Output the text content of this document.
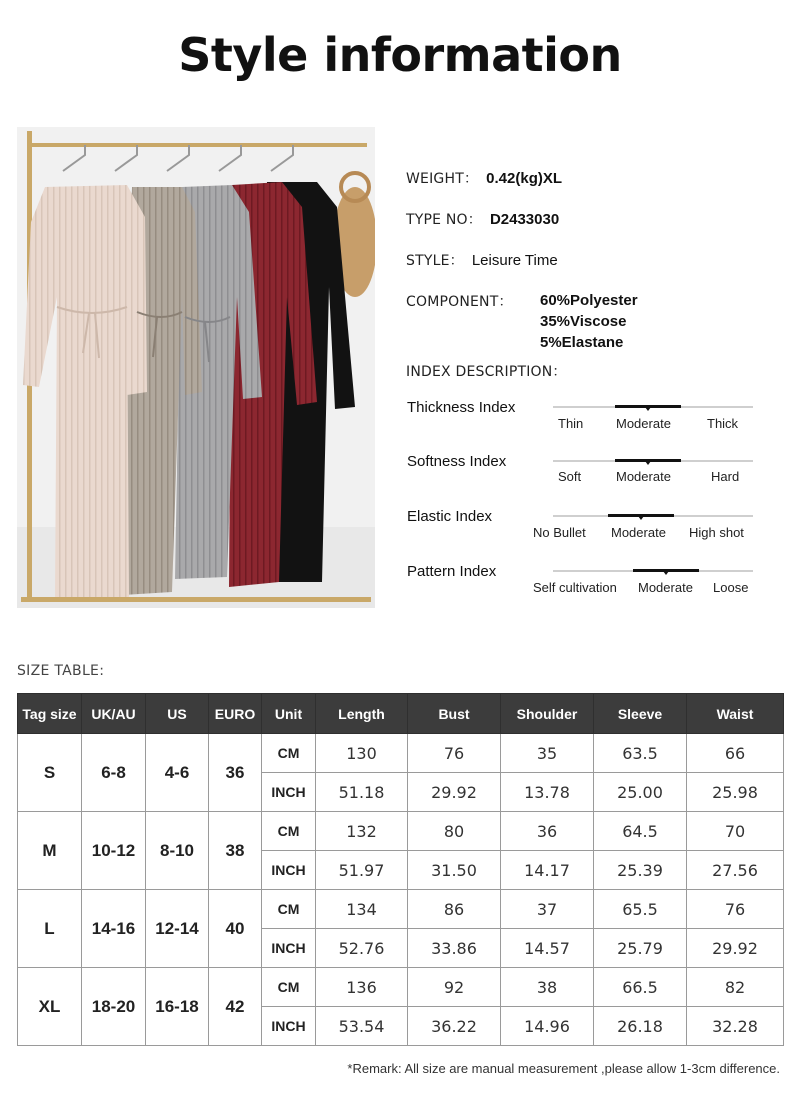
Style information
WEIGHT： 0.42(kg)XL
TYPE NO： D2433030
STYLE： Leisure Time
COMPONENT： 60%Polyester
35%Viscose
5%Elastane
INDEX DESCRIPTION：
Thickness Index
Thin	Moderate	Thick
Softness Index
Soft	Moderate	Hard
Elastic Index
No Bullet Moderate High shot
Pattern Index
Self cultivation Moderate Loose
SIZE TABLE:
Tag size	UK/AU	US	EURO	Unit	Length	Bust	Shoulder	Sleeve	Waist
S	6-8	4-6	36	CM	130	76	35	63.5	66
				INCH	51.18	29.92	13.78	25.00	25.98
M	10-12	8-10	38	CM	132	80	36	64.5	70
				INCH	51.97	31.50	14.17	25.39	27.56
L	14-16	12-14	40	CM	134	86	37	65.5	76
				INCH	52.76	33.86	14.57	25.79	29.92
XL	18-20	16-18	42	CM	136	92	38	66.5	82
				INCH	53.54	36.22	14.96	26.18	32.28
*Remark: All size are manual measurement ,please allow 1-3cm difference.
